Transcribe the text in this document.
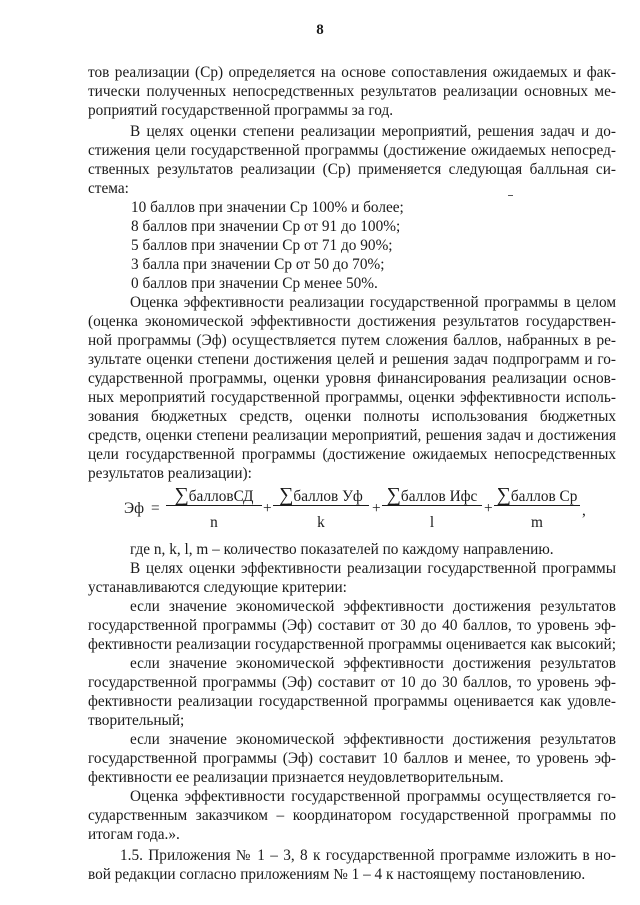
8
тов реализации (Ср) определяется на основе сопоставления ожидаемых и фак-
тически полученных непосредственных результатов реализации основных ме-
роприятий государственной программы за год.
В целях оценки степени реализации мероприятий, решения задач и до-
стижения цели государственной программы (достижение ожидаемых непосред-
ственных результатов реализации (Ср) применяется следующая балльная си-
стема:
10 баллов при значении Ср 100% и более;
8 баллов при значении Ср от 91 до 100%;
5 баллов при значении Ср от 71 до 90%;
3 балла при значении Ср от 50 до 70%;
0 баллов при значении Ср менее 50%.
Оценка эффективности реализации государственной программы в целом
(оценка экономической эффективности достижения результатов государствен-
ной программы (Эф) осуществляется путем сложения баллов, набранных в ре-
зультате оценки степени достижения целей и решения задач подпрограмм и го-
сударственной программы, оценки уровня финансирования реализации основ-
ных мероприятий государственной программы, оценки эффективности исполь-
зования бюджетных средств, оценки полноты использования бюджетных
средств, оценки степени реализации мероприятий, решения задач и достижения
цели государственной программы (достижение ожидаемых непосредственных
результатов реализации):
Эф =
∑балловСД
n
+
∑баллов Уф
k
+
∑баллов Ифс
l
+
∑баллов Ср
m
,
где n, k, l, m – количество показателей по каждому направлению.
В целях оценки эффективности реализации государственной программы
устанавливаются следующие критерии:
если значение экономической эффективности достижения результатов
государственной программы (Эф) составит от 30 до 40 баллов, то уровень эф-
фективности реализации государственной программы оценивается как высокий;
если значение экономической эффективности достижения результатов
государственной программы (Эф) составит от 10 до 30 баллов, то уровень эф-
фективности реализации государственной программы оценивается как удовле-
творительный;
если значение экономической эффективности достижения результатов
государственной программы (Эф) составит 10 баллов и менее, то уровень эф-
фективности ее реализации признается неудовлетворительным.
Оценка эффективности государственной программы осуществляется го-
сударственным заказчиком – координатором государственной программы по
итогам года.».
1.5. Приложения № 1 – 3, 8 к государственной программе изложить в но-
вой редакции согласно приложениям № 1 – 4 к настоящему постановлению.
